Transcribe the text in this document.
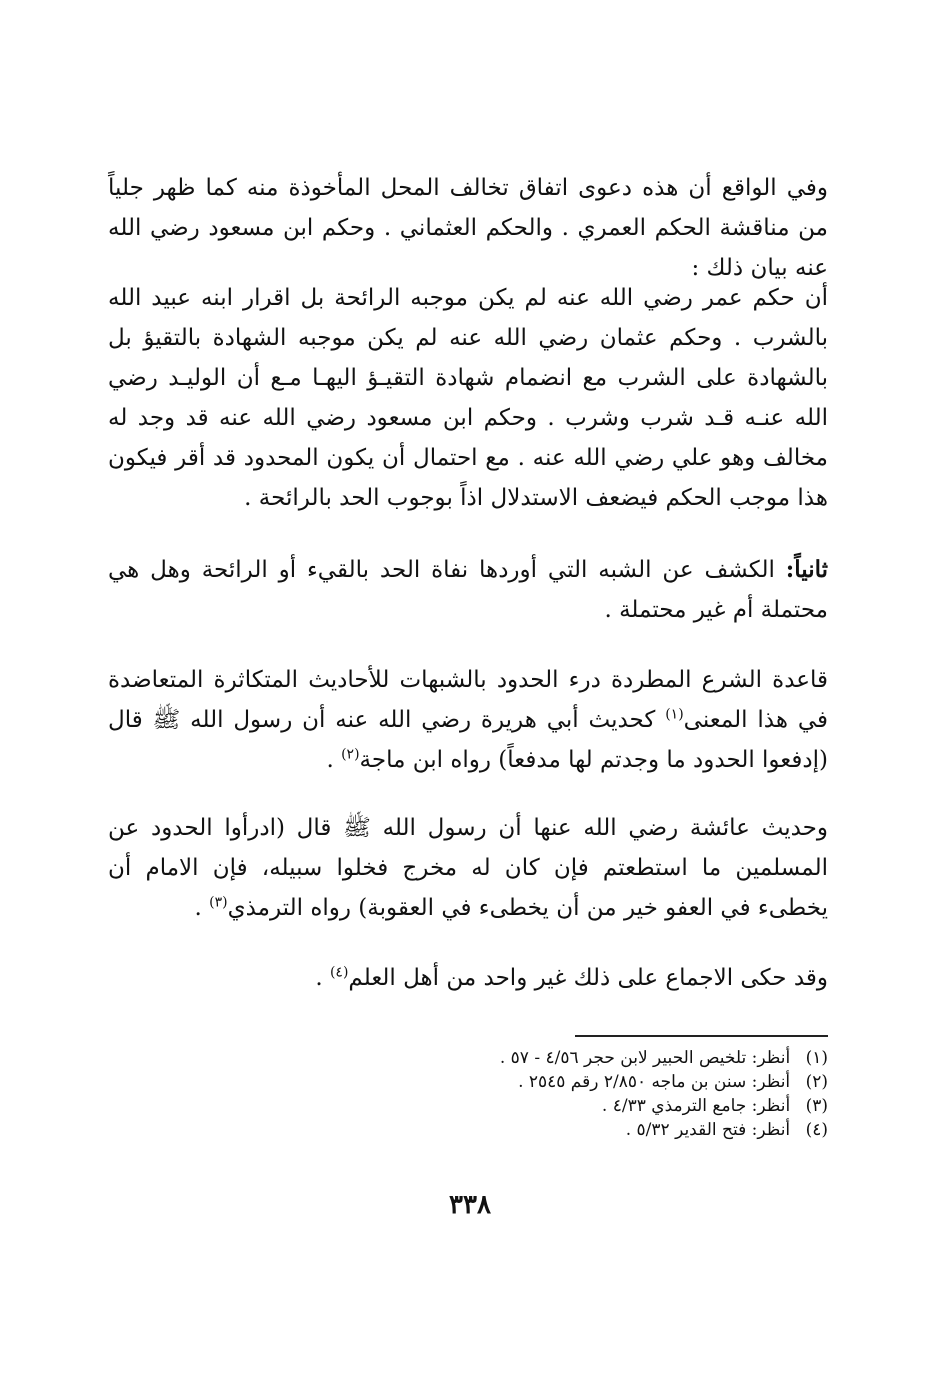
وفي الواقع أن هذه دعوى اتفاق تخالف المحل المأخوذة منه كما ظهر جلياً من مناقشة الحكم العمري . والحكم العثماني . وحكم ابن مسعود رضي الله عنه بيان ذلك :

أن حكم عمر رضي الله عنه لم يكن موجبه الرائحة بل اقرار ابنه عبيد الله بالشرب . وحكم عثمان رضي الله عنه لم يكن موجبه الشهادة بالتقيؤ بل بالشهادة على الشرب مع انضمام شهادة التقيـؤ اليهـا مـع أن الوليـد رضي الله عنـه قـد شرب وشرب . وحكم ابن مسعود رضي الله عنه قد وجد له مخالف وهو علي رضي الله عنه . مع احتمال أن يكون المحدود قد أقر فيكون هذا موجب الحكم فيضعف الاستدلال اذاً بوجوب الحد بالرائحة .

ثانياً: الكشف عن الشبه التي أوردها نفاة الحد بالقيء أو الرائحة وهل هي محتملة أم غير محتملة .

قاعدة الشرع المطردة درء الحدود بالشبهات للأحاديث المتكاثرة المتعاضدة في هذا المعنى$^{(١)}$ كحديث أبي هريرة رضي الله عنه أن رسول الله ﷺ قال (إدفعوا الحدود ما وجدتم لها مدفعاً) رواه ابن ماجة$^{(٢)}$ .

وحديث عائشة رضي الله عنها أن رسول الله ﷺ قال (ادرأوا الحدود عن المسلمين ما استطعتم فإن كان له مخرج فخلوا سبيله، فإن الامام أن يخطىء في العفو خير من أن يخطىء في العقوبة) رواه الترمذي$^{(٣)}$ .

وقد حكى الاجماع على ذلك غير واحد من أهل العلم$^{(٤)}$ .

(١) أنظر: تلخيص الحبير لابن حجر ٤/٥٦ - ٥٧ .
(٢) أنظر: سنن بن ماجه ٢/٨٥٠ رقم ٢٥٤٥ .
(٣) أنظر: جامع الترمذي ٤/٣٣ .
(٤) أنظر: فتح القدير ٥/٣٢ .
٣٣٨
